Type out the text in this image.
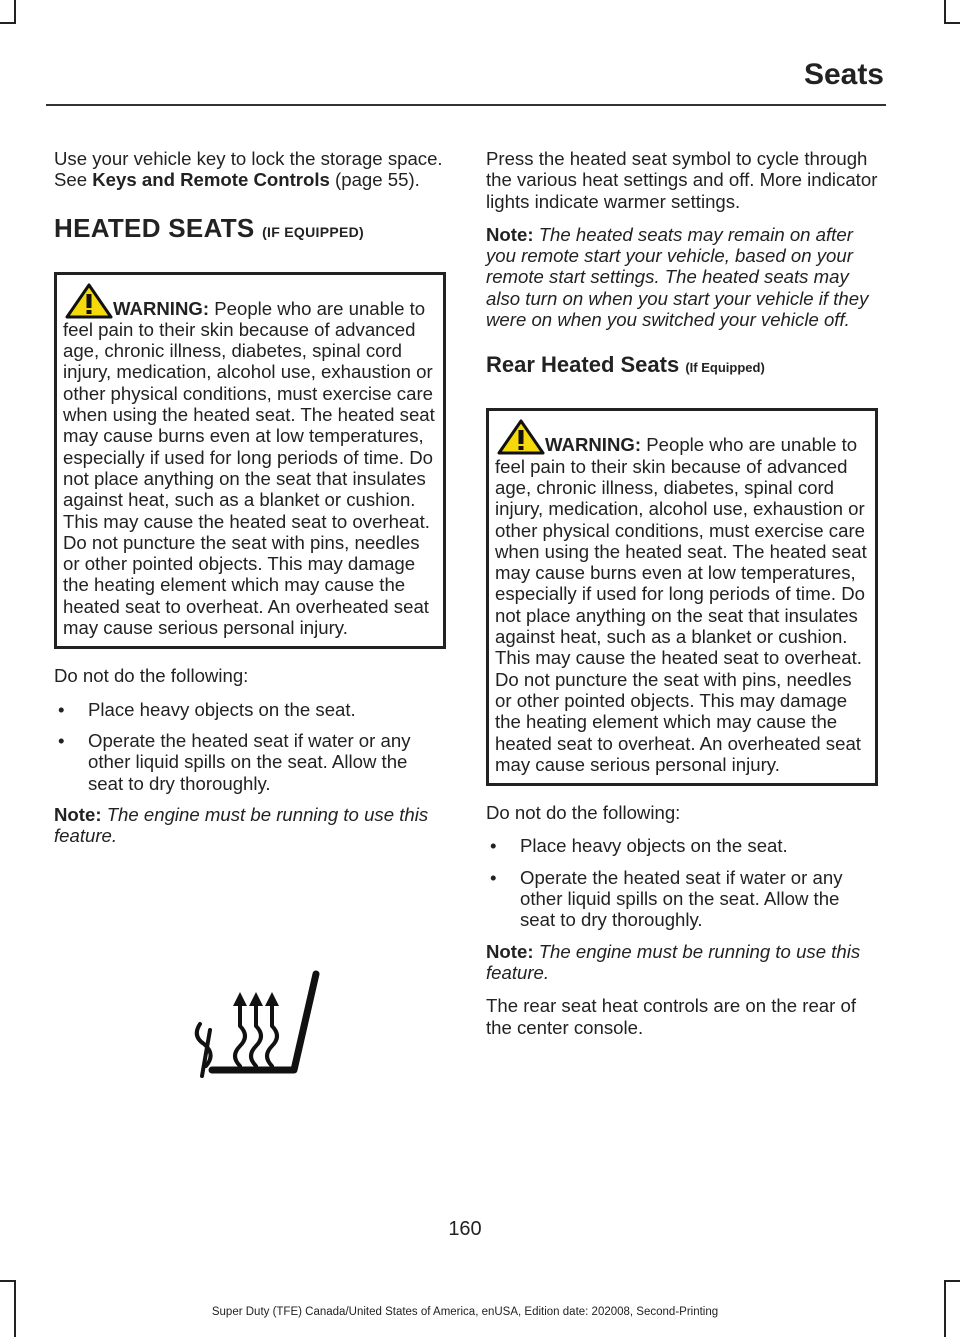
Seats

Use your vehicle key to lock the storage space. See Keys and Remote Controls (page 55).

HEATED SEATS (IF EQUIPPED)

WARNING: People who are unable to feel pain to their skin because of advanced age, chronic illness, diabetes, spinal cord injury, medication, alcohol use, exhaustion or other physical conditions, must exercise care when using the heated seat. The heated seat may cause burns even at low temperatures, especially if used for long periods of time. Do not place anything on the seat that insulates against heat, such as a blanket or cushion. This may cause the heated seat to overheat. Do not puncture the seat with pins, needles or other pointed objects. This may damage the heating element which may cause the heated seat to overheat. An overheated seat may cause serious personal injury.

Do not do the following:

• Place heavy objects on the seat.
• Operate the heated seat if water or any other liquid spills on the seat. Allow the seat to dry thoroughly.

Note: The engine must be running to use this feature.

Press the heated seat symbol to cycle through the various heat settings and off. More indicator lights indicate warmer settings.

Note: The heated seats may remain on after you remote start your vehicle, based on your remote start settings. The heated seats may also turn on when you start your vehicle if they were on when you switched your vehicle off.

Rear Heated Seats (If Equipped)

WARNING: People who are unable to feel pain to their skin because of advanced age, chronic illness, diabetes, spinal cord injury, medication, alcohol use, exhaustion or other physical conditions, must exercise care when using the heated seat. The heated seat may cause burns even at low temperatures, especially if used for long periods of time. Do not place anything on the seat that insulates against heat, such as a blanket or cushion. This may cause the heated seat to overheat. Do not puncture the seat with pins, needles or other pointed objects. This may damage the heating element which may cause the heated seat to overheat. An overheated seat may cause serious personal injury.

Do not do the following:

• Place heavy objects on the seat.
• Operate the heated seat if water or any other liquid spills on the seat. Allow the seat to dry thoroughly.

Note: The engine must be running to use this feature.

The rear seat heat controls are on the rear of the center console.

160
Super Duty (TFE) Canada/United States of America, enUSA, Edition date: 202008, Second-Printing
